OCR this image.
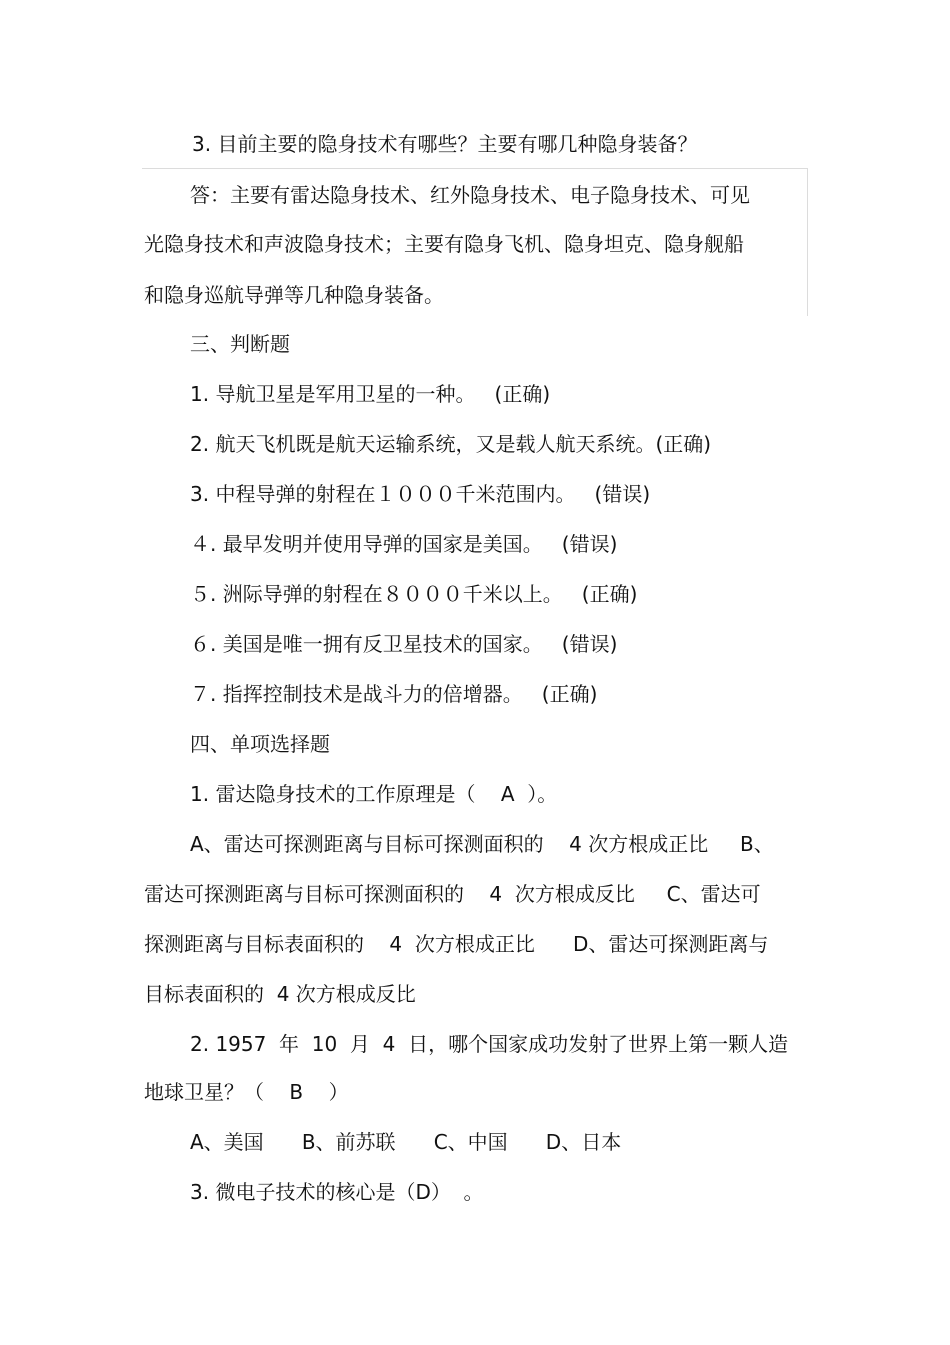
3. 目前主要的隐身技术有哪些？主要有哪几种隐身装备？
答：主要有雷达隐身技术、红外隐身技术、电子隐身技术、可见
光隐身技术和声波隐身技术；主要有隐身飞机、隐身坦克、隐身舰船
和隐身巡航导弹等几种隐身装备。
三、判断题
1. 导航卫星是军用卫星的一种。   (正确)
2. 航天飞机既是航天运输系统，又是载人航天系统。(正确)
3. 中程导弹的射程在１０００千米范围内。   (错误)
４. 最早发明并使用导弹的国家是美国。   (错误)
５. 洲际导弹的射程在８０００千米以上。   (正确)
６. 美国是唯一拥有反卫星技术的国家。   (错误)
７. 指挥控制技术是战斗力的倍增器。   (正确)
四、单项选择题
1. 雷达隐身技术的工作原理是（    A  ）。
A、雷达可探测距离与目标可探测面积的    4 次方根成正比     B、
雷达可探测距离与目标可探测面积的    4  次方根成反比     C、雷达可
探测距离与目标表面积的    4  次方根成正比      D、雷达可探测距离与
目标表面积的  4 次方根成反比
2. 1957  年  10  月  4  日，哪个国家成功发射了世界上第一颗人造
地球卫星？（    B    ）
A、美国      B、前苏联      C、中国      D、日本
3. 微电子技术的核心是（D）  。
